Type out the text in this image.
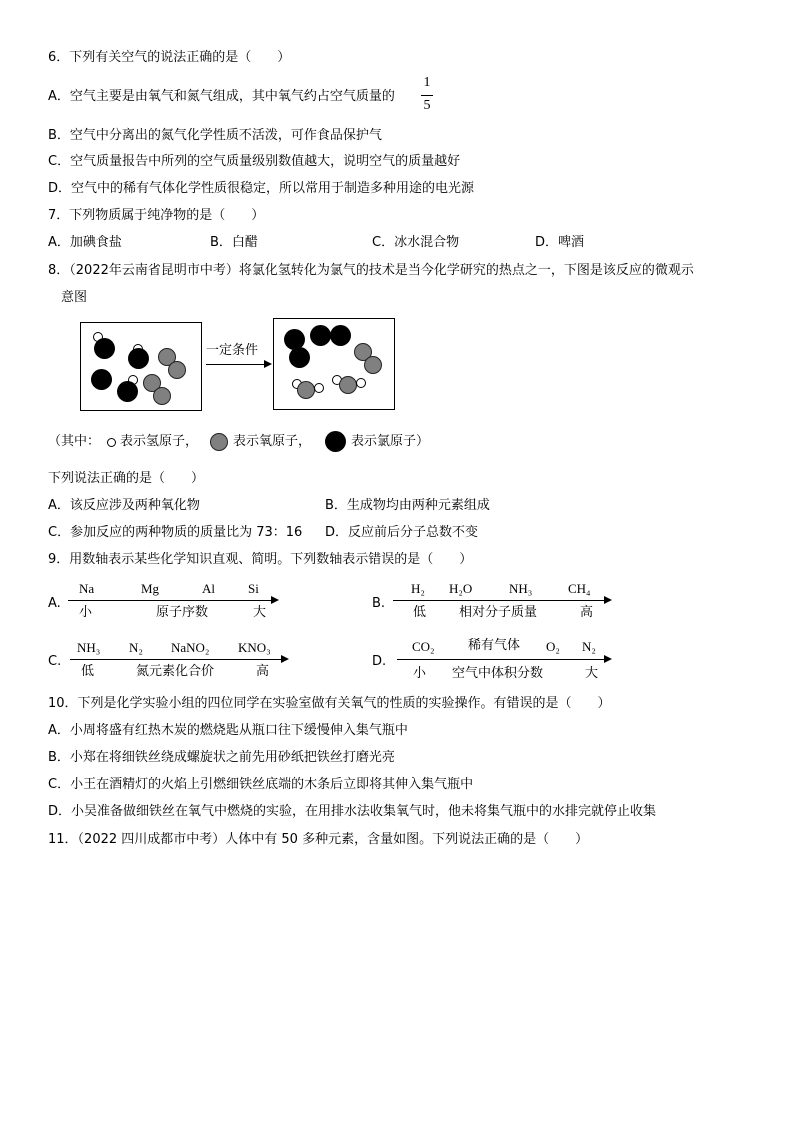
6．下列有关空气的说法正确的是（　　）
A．空气主要是由氧气和氮气组成，其中氧气约占空气质量的
1
5
B．空气中分离出的氮气化学性质不活泼，可作食品保护气
C．空气质量报告中所列的空气质量级别数值越大，说明空气的质量越好
D．空气中的稀有气体化学性质很稳定，所以常用于制造多种用途的电光源
7．下列物质属于纯净物的是（　　）
A．加碘食盐	B．白醋	C．冰水混合物	D．啤酒
8．（2022年云南省昆明市中考）将氯化氢转化为氯气的技术是当今化学研究的热点之一，下图是该反应的微观示
意图
一定条件
（其中： 表示氢原子，	表示氧原子，	表示氯原子）
下列说法正确的是（　　）
A．该反应涉及两种氧化物	B．生成物均由两种元素组成
C．参加反应的两种物质的质量比为 73：16 D．反应前后分子总数不变
9．用数轴表示某些化学知识直观、简明。下列数轴表示错误的是（　　）
A.
Na	Mg	Al	Si
小	原子序数	大
B.
H₂ H₂O	NH₃	CH₄
低	相对分子质量	高
C.
NH₃ N₂ NaNO₂ KNO₃
低	氮元素化合价	高
D.
CO₂	稀有气体 O₂ N₂
小 空气中体积分数	大
10．下列是化学实验小组的四位同学在实验室做有关氧气的性质的实验操作。有错误的是（　　）
A．小周将盛有红热木炭的燃烧匙从瓶口往下缓慢伸入集气瓶中
B．小郑在将细铁丝绕成螺旋状之前先用砂纸把铁丝打磨光亮
C．小王在酒精灯的火焰上引燃细铁丝底端的木条后立即将其伸入集气瓶中
D．小吴准备做细铁丝在氧气中燃烧的实验，在用排水法收集氧气时，他未将集气瓶中的水排完就停止收集
11．（2022 四川成都市中考）人体中有 50 多种元素，含量如图。下列说法正确的是（　　）
